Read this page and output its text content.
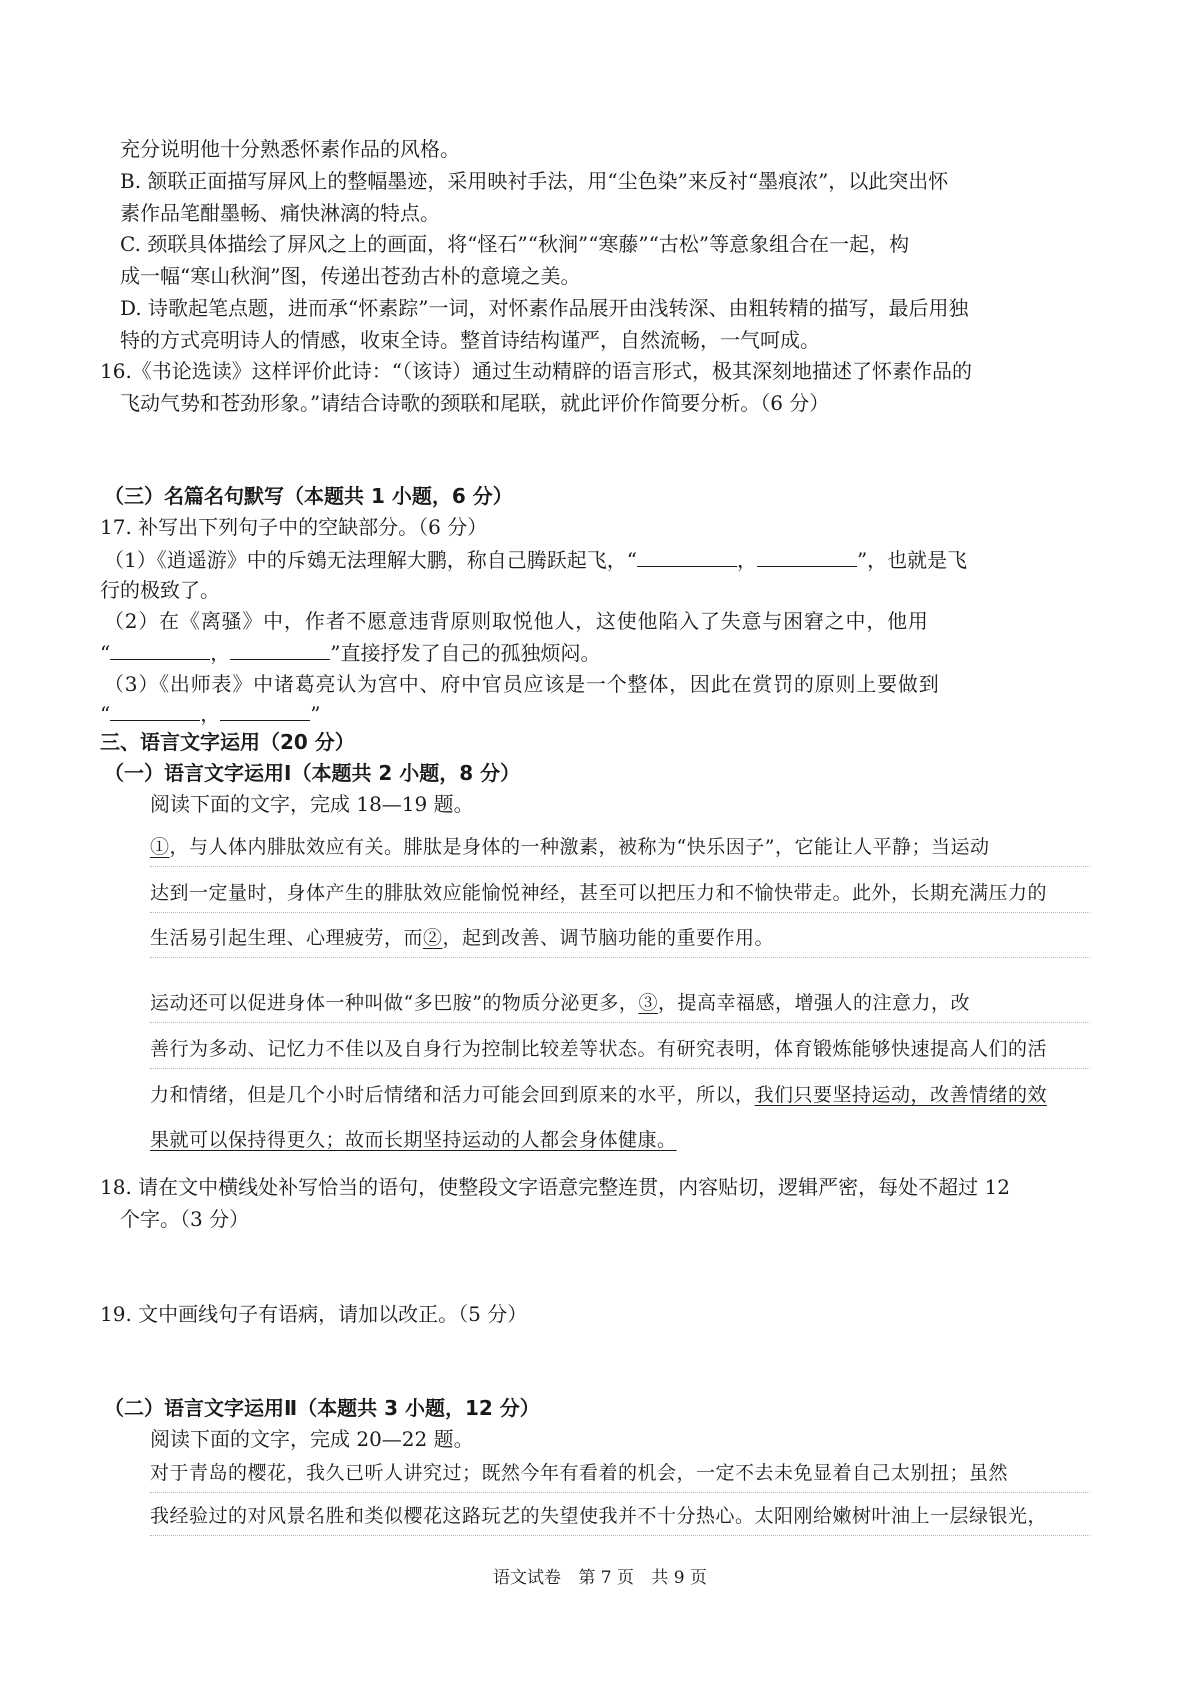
充分说明他十分熟悉怀素作品的风格。
B. 颔联正面描写屏风上的整幅墨迹，采用映衬手法，用“尘色染”来反衬“墨痕浓”，以此突出怀
素作品笔酣墨畅、痛快淋漓的特点。
C. 颈联具体描绘了屏风之上的画面，将“怪石”“秋涧”“寒藤”“古松”等意象组合在一起，构
成一幅“寒山秋涧”图，传递出苍劲古朴的意境之美。
D. 诗歌起笔点题，进而承“怀素踪”一词，对怀素作品展开由浅转深、由粗转精的描写，最后用独
特的方式亮明诗人的情感，收束全诗。整首诗结构谨严，自然流畅，一气呵成。
16.《书论选读》这样评价此诗：“（该诗）通过生动精辟的语言形式，极其深刻地描述了怀素作品的
飞动气势和苍劲形象。”请结合诗歌的颈联和尾联，就此评价作简要分析。（6 分）
（三）名篇名句默写（本题共 1 小题，6 分）
17. 补写出下列句子中的空缺部分。（6 分）
（1）《逍遥游》中的斥鴳无法理解大鹏，称自己腾跃起飞，“	，	”，也就是飞
行的极致了。
（2）在《离骚》中，作者不愿意违背原则取悦他人，这使他陷入了失意与困窘之中，他用
“	，	”直接抒发了自己的孤独烦闷。
（3）《出师表》中诸葛亮认为宫中、府中官员应该是一个整体，因此在赏罚的原则上要做到
“	，	”
三、语言文字运用（20 分）
（一）语言文字运用Ⅰ（本题共 2 小题，8 分）
阅读下面的文字，完成 18—19 题。
①，与人体内腓肽效应有关。腓肽是身体的一种激素，被称为“快乐因子”，它能让人平静；当运动
达到一定量时，身体产生的腓肽效应能愉悦神经，甚至可以把压力和不愉快带走。此外，长期充满压力的
生活易引起生理、心理疲劳，而②，起到改善、调节脑功能的重要作用。
运动还可以促进身体一种叫做“多巴胺”的物质分泌更多，③，提高幸福感，增强人的注意力，改
善行为多动、记忆力不佳以及自身行为控制比较差等状态。有研究表明，体育锻炼能够快速提高人们的活
力和情绪，但是几个小时后情绪和活力可能会回到原来的水平，所以，我们只要坚持运动，改善情绪的效
果就可以保持得更久；故而长期坚持运动的人都会身体健康。
18. 请在文中横线处补写恰当的语句，使整段文字语意完整连贯，内容贴切，逻辑严密，每处不超过 12
个字。（3 分）
19. 文中画线句子有语病，请加以改正。（5 分）
（二）语言文字运用Ⅱ（本题共 3 小题，12 分）
阅读下面的文字，完成 20—22 题。
对于青岛的樱花，我久已听人讲究过；既然今年有看着的机会，一定不去未免显着自己太别扭；虽然
我经验过的对风景名胜和类似樱花这路玩艺的失望使我并不十分热心。太阳刚给嫩树叶油上一层绿银光，
语文试卷 第 7 页 共 9 页
